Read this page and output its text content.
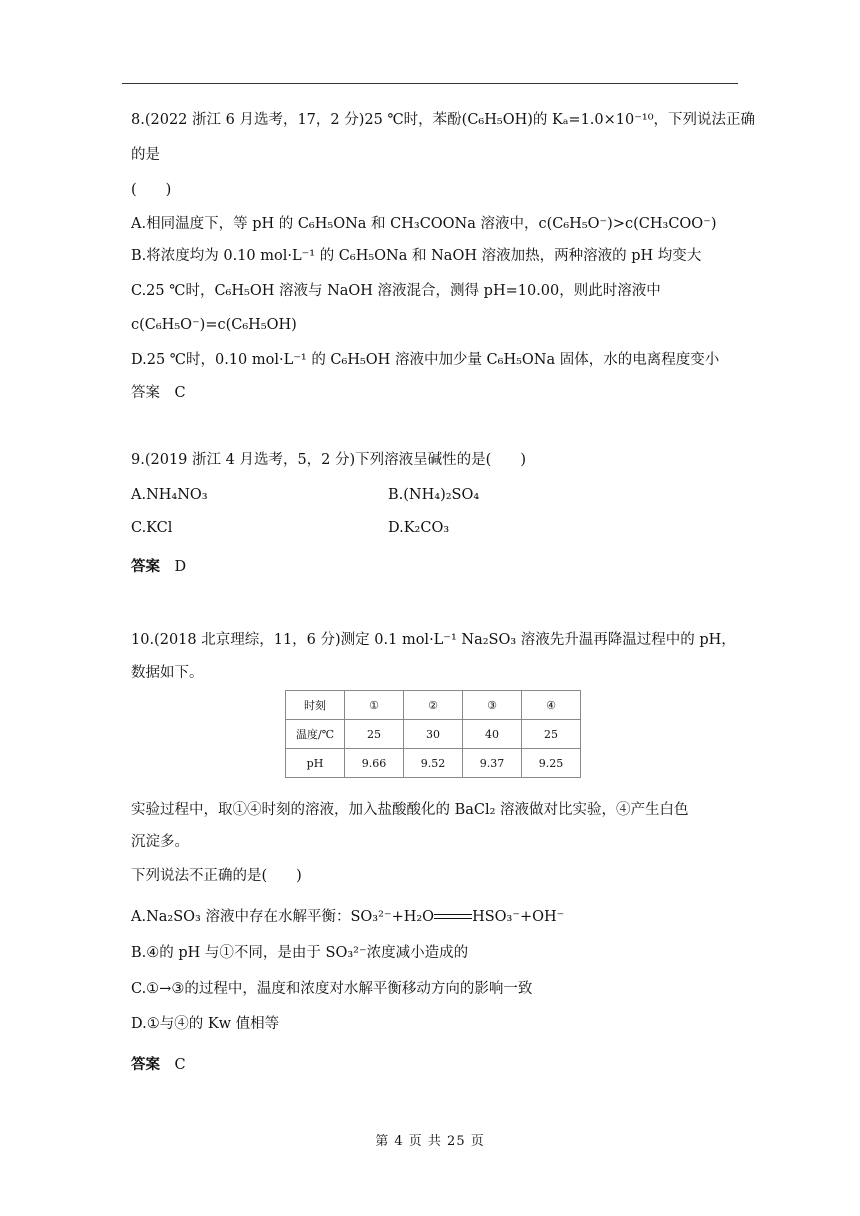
8.(2022 浙江 6 月选考，17，2 分)25 ℃时，苯酚(C₆H₅OH)的 Kₐ=1.0×10⁻¹⁰，下列说法正确
的是
(　　)
A.相同温度下，等 pH 的 C₆H₅ONa 和 CH₃COONa 溶液中，c(C₆H₅O⁻)>c(CH₃COO⁻)
B.将浓度均为 0.10 mol·L⁻¹ 的 C₆H₅ONa 和 NaOH 溶液加热，两种溶液的 pH 均变大
C.25 ℃时，C₆H₅OH 溶液与 NaOH 溶液混合，测得 pH=10.00，则此时溶液中
c(C₆H₅O⁻)=c(C₆H₅OH)
D.25 ℃时，0.10 mol·L⁻¹ 的 C₆H₅OH 溶液中加少量 C₆H₅ONa 固体，水的电离程度变小
答案　C
9.(2019 浙江 4 月选考，5，2 分)下列溶液呈碱性的是(　　)
A.NH₄NO₃	B.(NH₄)₂SO₄
C.KCl	D.K₂CO₃
答案　 D
10.(2018 北京理综，11，6 分)测定 0.1 mol·L⁻¹ Na₂SO₃ 溶液先升温再降温过程中的 pH，
数据如下。
时刻	①	②	③	④
温度/℃	25	30	40	25
pH	9.66	9.52	9.37	9.25
实验过程中，取①④时刻的溶液，加入盐酸酸化的 BaCl₂ 溶液做对比实验，④产生白色
沉淀多。
下列说法不正确的是(　　)
A.Na₂SO₃ 溶液中存在水解平衡：SO₃²⁻+H₂O	HSO₃⁻+OH⁻
B.④的 pH 与①不同，是由于 SO₃²⁻浓度减小造成的
C.①→③的过程中，温度和浓度对水解平衡移动方向的影响一致
D.①与④的 Kw 值相等
答案　 C
第 4 页 共 25 页
